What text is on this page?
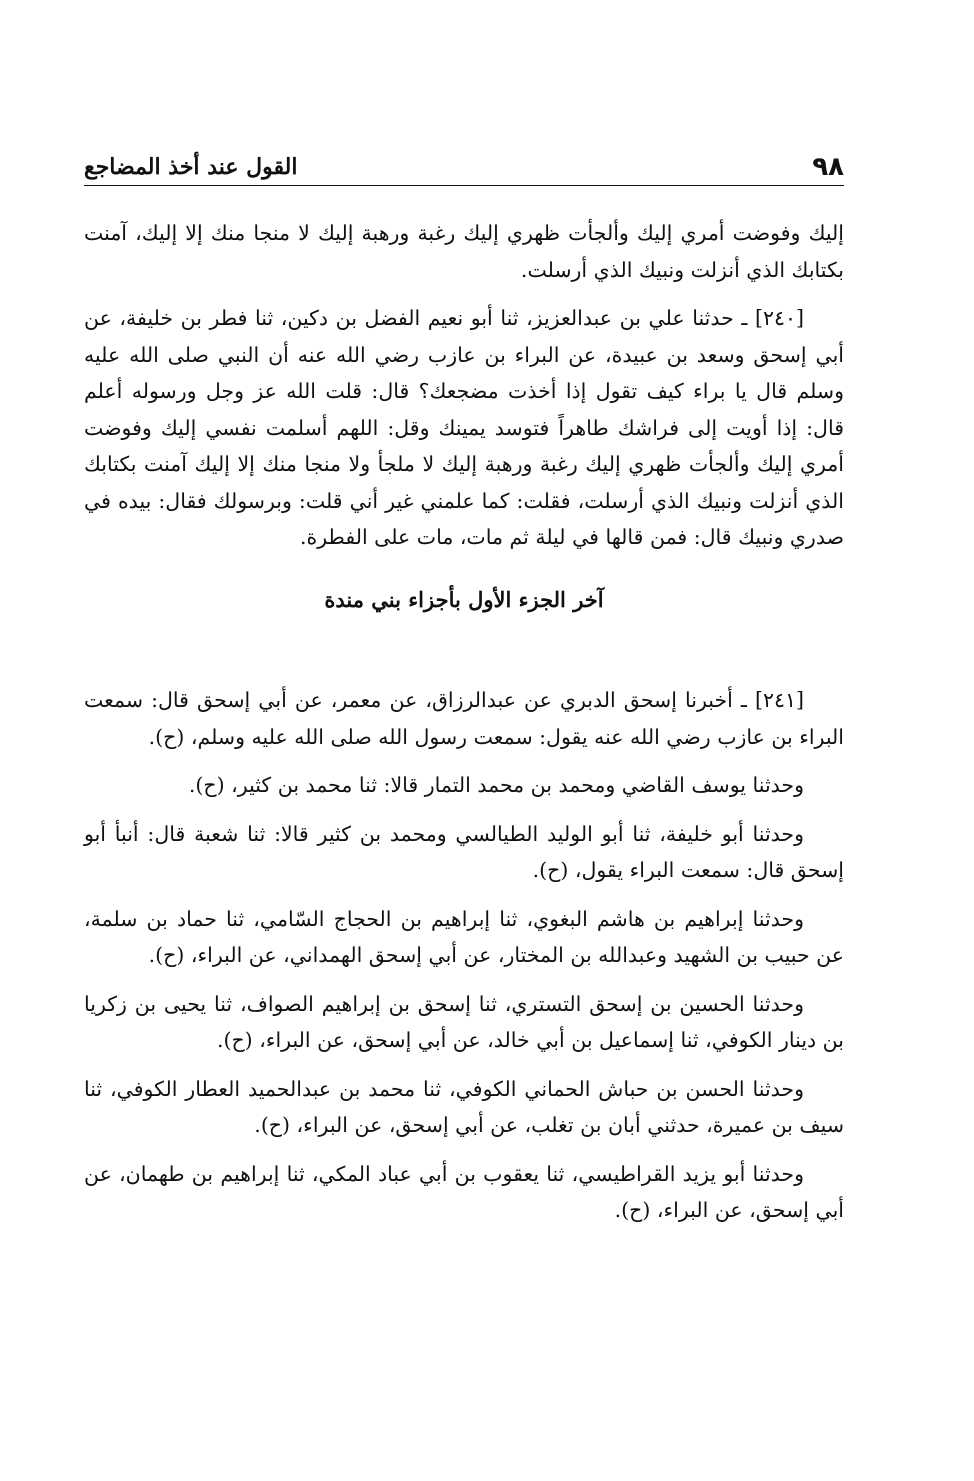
٩٨
القول عند أخذ المضاجع

إليك وفوضت أمري إليك وألجأت ظهري إليك رغبة ورهبة إليك لا منجا منك إلا إليك، آمنت بكتابك الذي أنزلت ونبيك الذي أرسلت.

[٢٤٠] ـ حدثنا علي بن عبدالعزيز، ثنا أبو نعيم الفضل بن دكين، ثنا فطر بن خليفة، عن أبي إسحق وسعد بن عبيدة، عن البراء بن عازب رضي الله عنه أن النبي صلى الله عليه وسلم قال يا براء كيف تقول إذا أخذت مضجعك؟ قال: قلت الله عز وجل ورسوله أعلم قال: إذا أويت إلى فراشك طاهراً فتوسد يمينك وقل: اللهم أسلمت نفسي إليك وفوضت أمري إليك وألجأت ظهري إليك رغبة ورهبة إليك لا ملجأ ولا منجا منك إلا إليك آمنت بكتابك الذي أنزلت ونبيك الذي أرسلت، فقلت: كما علمني غير أني قلت: وبرسولك فقال: بيده في صدري ونبيك قال: فمن قالها في ليلة ثم مات، مات على الفطرة.

آخر الجزء الأول بأجزاء بني مندة

[٢٤١] ـ أخبرنا إسحق الدبري عن عبدالرزاق، عن معمر، عن أبي إسحق قال: سمعت البراء بن عازب رضي الله عنه يقول: سمعت رسول الله صلى الله عليه وسلم، (ح).

وحدثنا يوسف القاضي ومحمد بن محمد التمار قالا: ثنا محمد بن كثير، (ح).

وحدثنا أبو خليفة، ثنا أبو الوليد الطيالسي ومحمد بن كثير قالا: ثنا شعبة قال: أنبأ أبو إسحق قال: سمعت البراء يقول، (ح).

وحدثنا إبراهيم بن هاشم البغوي، ثنا إبراهيم بن الحجاج السّامي، ثنا حماد بن سلمة، عن حبيب بن الشهيد وعبدالله بن المختار، عن أبي إسحق الهمداني، عن البراء، (ح).

وحدثنا الحسين بن إسحق التستري، ثنا إسحق بن إبراهيم الصواف، ثنا يحيى بن زكريا بن دينار الكوفي، ثنا إسماعيل بن أبي خالد، عن أبي إسحق، عن البراء، (ح).

وحدثنا الحسن بن حباش الحماني الكوفي، ثنا محمد بن عبدالحميد العطار الكوفي، ثنا سيف بن عميرة، حدثني أبان بن تغلب، عن أبي إسحق، عن البراء، (ح).

وحدثنا أبو يزيد القراطيسي، ثنا يعقوب بن أبي عباد المكي، ثنا إبراهيم بن طهمان، عن أبي إسحق، عن البراء، (ح).
